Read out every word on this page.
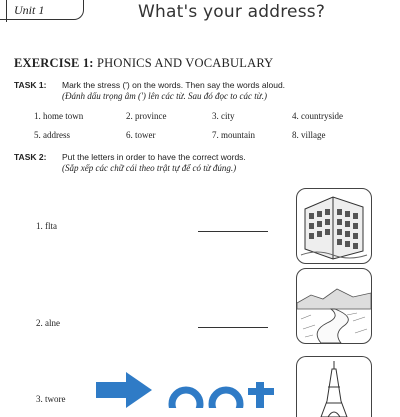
Unit 1	What's your address?
EXERCISE 1: PHONICS AND VOCABULARY
TASK 1: Mark the stress (') on the words. Then say the words aloud.
(Đánh dấu trọng âm (') lên các từ. Sau đó đọc to các từ.)
1. home town	2. province	3. city	4. countryside
5. address	6. tower	7. mountain	8. village
TASK 2: Put the letters in order to have the correct words.
(Sắp xếp các chữ cái theo trật tự để có từ đúng.)
1. flta
2. alne
3. twore
